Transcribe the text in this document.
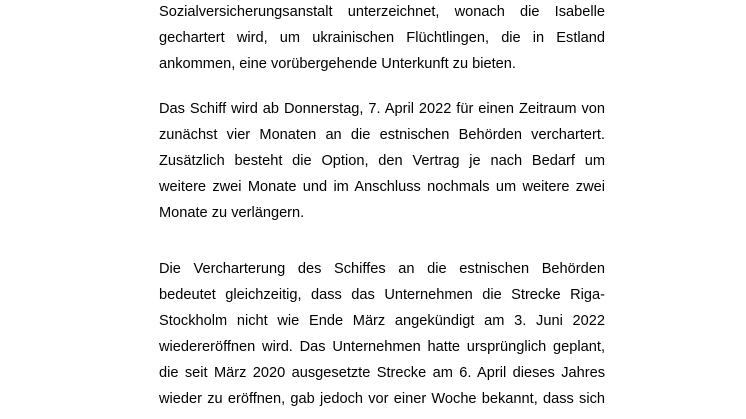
Sozialversicherungsanstalt unterzeichnet, wonach die Isabelle
gechartert wird, um ukrainischen Flüchtlingen, die in Estland
ankommen, eine vorübergehende Unterkunft zu bieten.
Das Schiff wird ab Donnerstag, 7. April 2022 für einen Zeitraum von
zunächst vier Monaten an die estnischen Behörden verchartert.
Zusätzlich besteht die Option, den Vertrag je nach Bedarf um
weitere zwei Monate und im Anschluss nochmals um weitere zwei
Monate zu verlängern.
Die Vercharterung des Schiffes an die estnischen Behörden
bedeutet gleichzeitig, dass das Unternehmen die Strecke Riga-
Stockholm nicht wie Ende März angekündigt am 3. Juni 2022
wiedereröffnen wird. Das Unternehmen hatte ursprünglich geplant,
die seit März 2020 ausgesetzte Strecke am 6. April dieses Jahres
wieder zu eröffnen, gab jedoch vor einer Woche bekannt, dass sich
